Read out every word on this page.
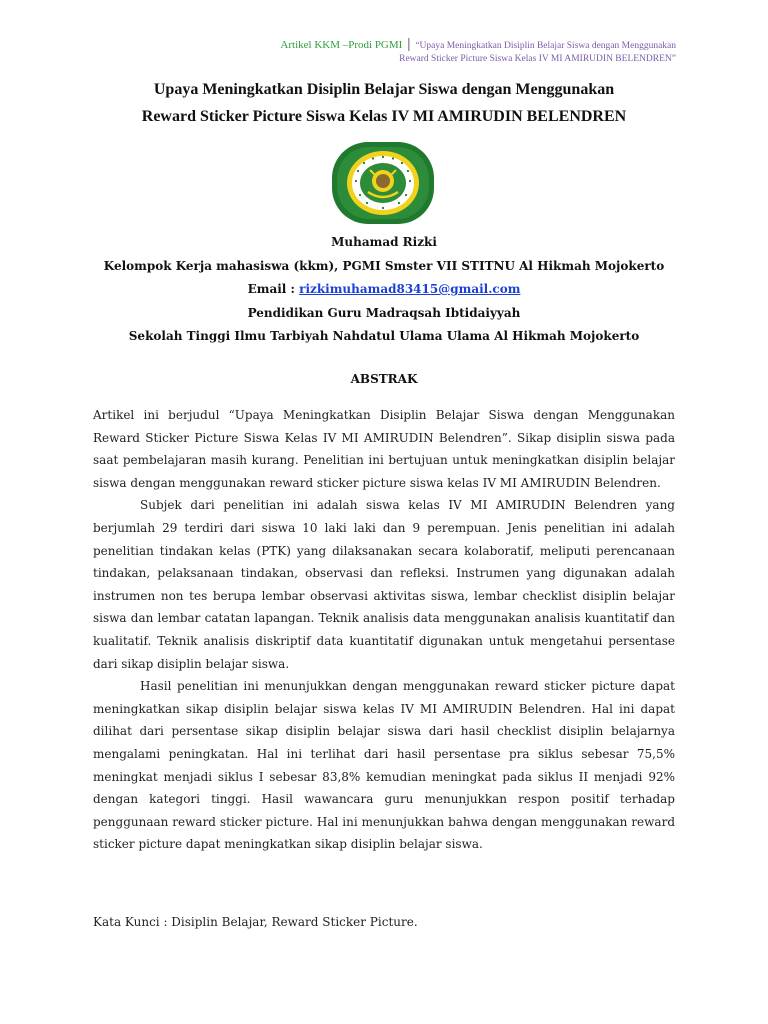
Artikel KKM –Prodi PGMI | “Upaya Meningkatkan Disiplin Belajar Siswa dengan Menggunakan
Reward Sticker Picture Siswa Kelas IV MI AMIRUDIN BELENDREN”
Upaya Meningkatkan Disiplin Belajar Siswa dengan Menggunakan
Reward Sticker Picture Siswa Kelas IV MI AMIRUDIN BELENDREN
Muhamad Rizki
Kelompok Kerja mahasiswa (kkm), PGMI Smster VII STITNU Al Hikmah Mojokerto
Email : rizkimuhamad83415@gmail.com
Pendidikan Guru Madraqsah Ibtidaiyyah
Sekolah Tinggi Ilmu Tarbiyah Nahdatul Ulama Ulama Al Hikmah Mojokerto
ABSTRAK

Artikel ini berjudul “Upaya Meningkatkan Disiplin Belajar Siswa dengan Menggunakan Reward Sticker Picture Siswa Kelas IV MI AMIRUDIN Belendren”. Sikap disiplin siswa pada saat pembelajaran masih kurang. Penelitian ini bertujuan untuk meningkatkan disiplin belajar siswa dengan menggunakan reward sticker picture siswa kelas IV MI AMIRUDIN Belendren.

Subjek dari penelitian ini adalah siswa kelas IV MI AMIRUDIN Belendren yang berjumlah 29 terdiri dari siswa 10 laki laki dan 9 perempuan. Jenis penelitian ini adalah penelitian tindakan kelas (PTK) yang dilaksanakan secara kolaboratif, meliputi perencanaan tindakan, pelaksanaan tindakan, observasi dan refleksi. Instrumen yang digunakan adalah instrumen non tes berupa lembar observasi aktivitas siswa, lembar checklist disiplin belajar siswa dan lembar catatan lapangan. Teknik analisis data menggunakan analisis kuantitatif dan kualitatif. Teknik analisis diskriptif data kuantitatif digunakan untuk mengetahui persentase dari sikap disiplin belajar siswa.

Hasil penelitian ini menunjukkan dengan menggunakan reward sticker picture dapat meningkatkan sikap disiplin belajar siswa kelas IV MI AMIRUDIN Belendren. Hal ini dapat dilihat dari persentase sikap disiplin belajar siswa dari hasil checklist disiplin belajarnya mengalami peningkatan. Hal ini terlihat dari hasil persentase pra siklus sebesar 75,5% meningkat menjadi siklus I sebesar 83,8% kemudian meningkat pada siklus II menjadi 92% dengan kategori tinggi. Hasil wawancara guru menunjukkan respon positif terhadap penggunaan reward sticker picture. Hal ini menunjukkan bahwa dengan menggunakan reward sticker picture dapat meningkatkan sikap disiplin belajar siswa.

Kata Kunci : Disiplin Belajar, Reward Sticker Picture.
